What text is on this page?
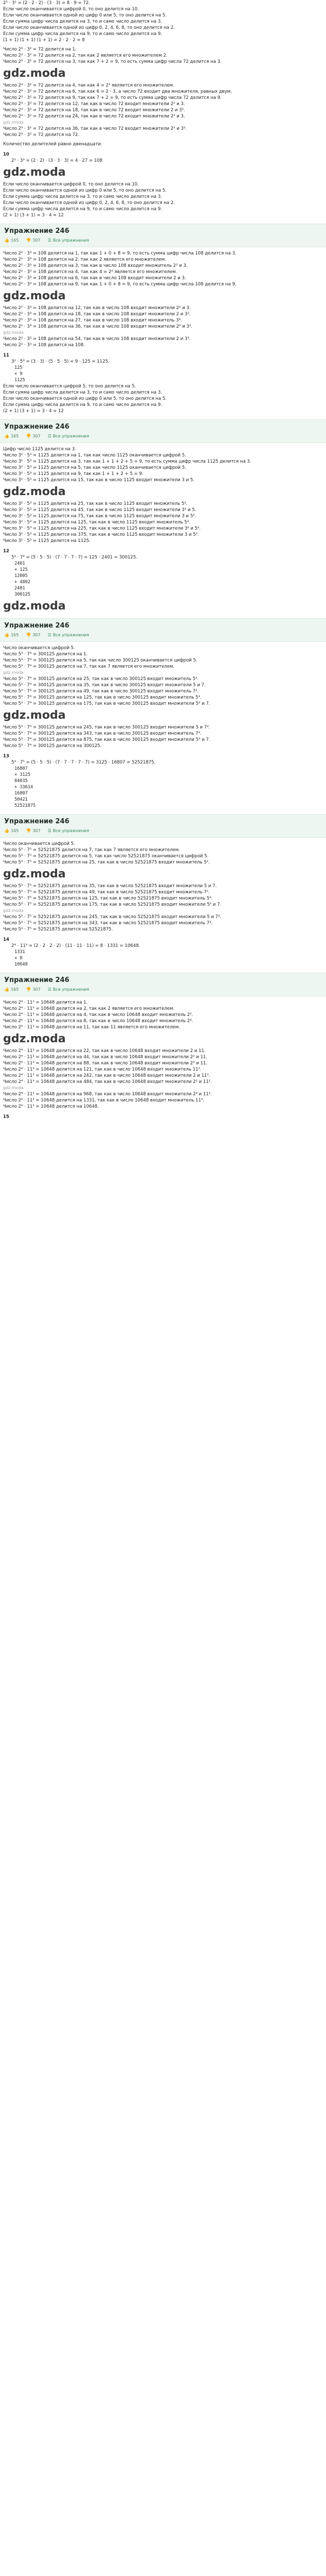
2⁵ · 3² = (2 · 2 · 2) · (3 · 3) = 8 · 9 = 72.
Если число оканчивается цифрой 0, то оно делится на 10.
Если число оканчивается одной из цифр 0 или 5, то оно делится на 5.
Если сумма цифр числа делится на 3, то и само число делится на 3.
Если число оканчивается одной из цифр 0, 2, 4, 6, 8, то оно делится на 2.
Если сумма цифр числа делится на 9, то и само число делится на 9.
(1 + 1) (1 + 1) (1 + 1) = 2 · 2 · 2 = 8
Число 2³ · 3² = 72 делится на 1.
Число 2³ · 3² = 72 делится на 2, так как 2 является его множителем 2.
Число 2³ · 3² = 72 делится на 3, так как 7 + 2 = 9, то есть сумма цифр числа 72 делится на 3.
gdz.moda
Число 2³ · 3² = 72 делится на 4, так как 4 = 2² является его множителем.
Число 2³ · 3² = 72 делится на 6, так как 6 = 2 · 3, а число 72 входит два множителя, равных двум.
Число 2³ · 3² = 72 делится на 9, так как 7 + 2 = 9, то есть сумма цифр числа 72 делится на 9.
Число 2³ · 3² = 72 делится на 12, так как в число 72 входит множители 2² и 3.
Число 2³ · 3² = 72 делится на 18, так как в число 72 входит множители 2 и 3².
Число 2³ · 3² = 72 делится на 24, так как в число 72 входит множители 2³ и 3.
gdz.moda
Число 2³ · 3² = 72 делится на 36, так как в число 72 входит множители 2² и 3².
Число 2³ · 3² = 72 делится на 72.
Количество делителей равно двенадцати.
10
2² · 3³ = (2 · 2) · (3 · 3 · 3) = 4 · 27 = 108
gdz.moda
Если число оканчивается цифрой 0, то оно делится на 10.
Если число оканчивается одной из цифр 0 или 5, то оно делится на 5.
Если сумма цифр числа делится на 3, то и само число делится на 3.
Если число оканчивается одной из цифр 0, 2, 4, 6, 8, то оно делится на 2.
Если сумма цифр числа делится на 9, то и само число делится на 9.
(2 + 1) (3 + 1) = 3 · 4 = 12
Упражнение 246
👍 165 👎 307 ☰ Все упражнения
Число 2² · 3³ = 108 делится на 1, так как 1 + 0 + 8 = 9, то есть сумма цифр числа 108 делится на 3.
Число 2² · 3³ = 108 делится на 2, так как 2 является его множителем.
Число 2² · 3³ = 108 делится на 3, так как в число 108 входит множитель 2² и 3.
Число 2² · 3³ = 108 делится на 4, так как 4 = 2² является его множителем.
Число 2² · 3³ = 108 делится на 6, так как в число 108 входит множители 2 и 3.
Число 2² · 3³ = 108 делится на 9, так как 1 + 0 + 8 = 9, то есть сумма цифр числа 108 делится на 9.
gdz.moda
Число 2² · 3³ = 108 делится на 12, так как в число 108 входит множители 2² и 3.
Число 2² · 3³ = 108 делится на 18, так как в число 108 входит множители 2 и 3².
Число 2² · 3³ = 108 делится на 27, так как в число 108 входит множитель 3³.
Число 2² · 3³ = 108 делится на 36, так как в число 108 входит множители 2² и 3².
gdz.moda
Число 2² · 3³ = 108 делится на 54, так как в число 108 входит множители 2 и 3³.
Число 2² · 3³ = 108 делится на 108.
11
3² · 5³ = (3 · 3) · (5 · 5 · 5) = 9 · 125 = 1125.
125
× 9
1125
Если число оканчивается цифрой 5, то оно делится на 5.
Если сумма цифр числа делится на 3, то и само число делится на 3.
Если число оканчивается одной из цифр 0 или 5, то оно делится на 5.
Если сумма цифр числа делится на 9, то и само число делится на 9.
(2 + 1) (3 + 1) = 3 · 4 = 12
Упражнение 246
👍 165 👎 307 ☰ Все упражнения
Цифр число 1125 делится на 3.
Число 3² · 5³ = 1125 делится на 1, так как число 1125 оканчивается цифрой 5.
Число 3² · 5³ = 1125 делится на 3, так как 1 + 1 + 2 + 5 = 9, то есть сумма цифр числа 1125 делится на 3.
Число 3² · 5³ = 1125 делится на 5, так как число 1125 оканчивается цифрой 5.
Число 3² · 5³ = 1125 делится на 9, так как 1 + 1 + 2 + 5 = 9.
Число 3² · 5³ = 1125 делится на 15, так как в число 1125 входит множители 3 и 5.
gdz.moda
Число 3² · 5³ = 1125 делится на 25, так как в число 1125 входит множитель 5².
Число 3² · 5³ = 1125 делится на 45, так как в число 1125 входит множители 3² и 5.
Число 3² · 5³ = 1125 делится на 75, так как в число 1125 входит множители 3 и 5².
Число 3² · 5³ = 1125 делится на 125, так как в число 1125 входит множитель 5³.
Число 3² · 5³ = 1125 делится на 225, так как в число 1125 входит множители 3² и 5².
Число 3² · 5³ = 1125 делится на 375, так как в число 1125 входит множители 3 и 5³.
Число 3² · 5³ = 1125 делится на 1125.
12
5³ · 7⁴ = (5 · 5 · 5) · (7 · 7 · 7 · 7) = 125 · 2401 = 300125.
2401
× 125
12005
+ 4802
2401
300125
gdz.moda
Упражнение 246
👍 165 👎 307 ☰ Все упражнения
Число оканчивается цифрой 5.
Число 5³ · 7⁴ = 300125 делится на 1.
Число 5³ · 7⁴ = 300125 делится на 5, так как число 300125 оканчивается цифрой 5.
Число 5³ · 7⁴ = 300125 делится на 7, так как 7 является его множителем.
gdz.moda
Число 5³ · 7⁴ = 300125 делится на 25, так как в число 300125 входит множитель 5².
Число 5³ · 7⁴ = 300125 делится на 35, так как в число 300125 входит множители 5 и 7.
Число 5³ · 7⁴ = 300125 делится на 49, так как в число 300125 входит множитель 7².
Число 5³ · 7⁴ = 300125 делится на 125, так как в число 300125 входит множитель 5³.
Число 5³ · 7⁴ = 300125 делится на 175, так как в число 300125 входит множители 5² и 7.
gdz.moda
Число 5³ · 7⁴ = 300125 делится на 245, так как в число 300125 входит множители 5 и 7².
Число 5³ · 7⁴ = 300125 делится на 343, так как в число 300125 входит множитель 7³.
Число 5³ · 7⁴ = 300125 делится на 875, так как в число 300125 входит множители 5³ и 7.
Число 5³ · 7⁴ = 300125 делится на 300125.
13
5³ · 7⁵ = (5 · 5 · 5) · (7 · 7 · 7 · 7 · 7) = 3125 · 16807 = 52521875.
16807
× 3125
84035
+ 33614
16807
50421
52521875
Упражнение 246
👍 165 👎 307 ☰ Все упражнения
Число оканчивается цифрой 5.
Число 5³ · 7⁵ = 52521875 делится на 7, так как 7 является его множителем.
Число 5³ · 7⁵ = 52521875 делится на 5, так как число 52521875 оканчивается цифрой 5.
Число 5³ · 7⁵ = 52521875 делится на 25, так как в число 52521875 входит множитель 5².
gdz.moda
Число 5³ · 7⁵ = 52521875 делится на 35, так как в число 52521875 входит множители 5 и 7.
Число 5³ · 7⁵ = 52521875 делится на 49, так как в число 52521875 входит множитель 7².
Число 5³ · 7⁵ = 52521875 делится на 125, так как в число 52521875 входит множитель 5³.
Число 5³ · 7⁵ = 52521875 делится на 175, так как в число 52521875 входит множители 5² и 7.
gdz.moda
Число 5³ · 7⁵ = 52521875 делится на 245, так как в число 52521875 входит множители 5 и 7².
Число 5³ · 7⁵ = 52521875 делится на 343, так как в число 52521875 входит множитель 7³.
Число 5³ · 7⁵ = 52521875 делится на 52521875.
14
2⁴ · 11³ = (2 · 2 · 2 · 2) · (11 · 11 · 11) = 8 · 1331 = 10648.
1331
× 8
10648
Упражнение 246
👍 165 👎 307 ☰ Все упражнения
Число 2⁴ · 11³ = 10648 делится на 1.
Число 2⁴ · 11³ = 10648 делится на 2, так как 2 является его множителем.
Число 2⁴ · 11³ = 10648 делится на 4, так как в число 10648 входит множитель 2².
Число 2⁴ · 11³ = 10648 делится на 8, так как в число 10648 входит множитель 2³.
Число 2⁴ · 11³ = 10648 делится на 11, так как 11 является его множителем.
gdz.moda
Число 2⁴ · 11³ = 10648 делится на 22, так как в число 10648 входит множители 2 и 11.
Число 2⁴ · 11³ = 10648 делится на 44, так как в число 10648 входит множители 2² и 11.
Число 2⁴ · 11³ = 10648 делится на 88, так как в число 10648 входит множители 2³ и 11.
Число 2⁴ · 11³ = 10648 делится на 121, так как в число 10648 входит множитель 11².
Число 2⁴ · 11³ = 10648 делится на 242, так как в число 10648 входит множители 2 и 11².
Число 2⁴ · 11³ = 10648 делится на 484, так как в число 10648 входит множители 2² и 11².
gdz.moda
Число 2⁴ · 11³ = 10648 делится на 968, так как в число 10648 входит множители 2³ и 11².
Число 2⁴ · 11³ = 10648 делится на 1331, так как в число 10648 входит множитель 11³.
Число 2⁴ · 11³ = 10648 делится на 10648.
15
